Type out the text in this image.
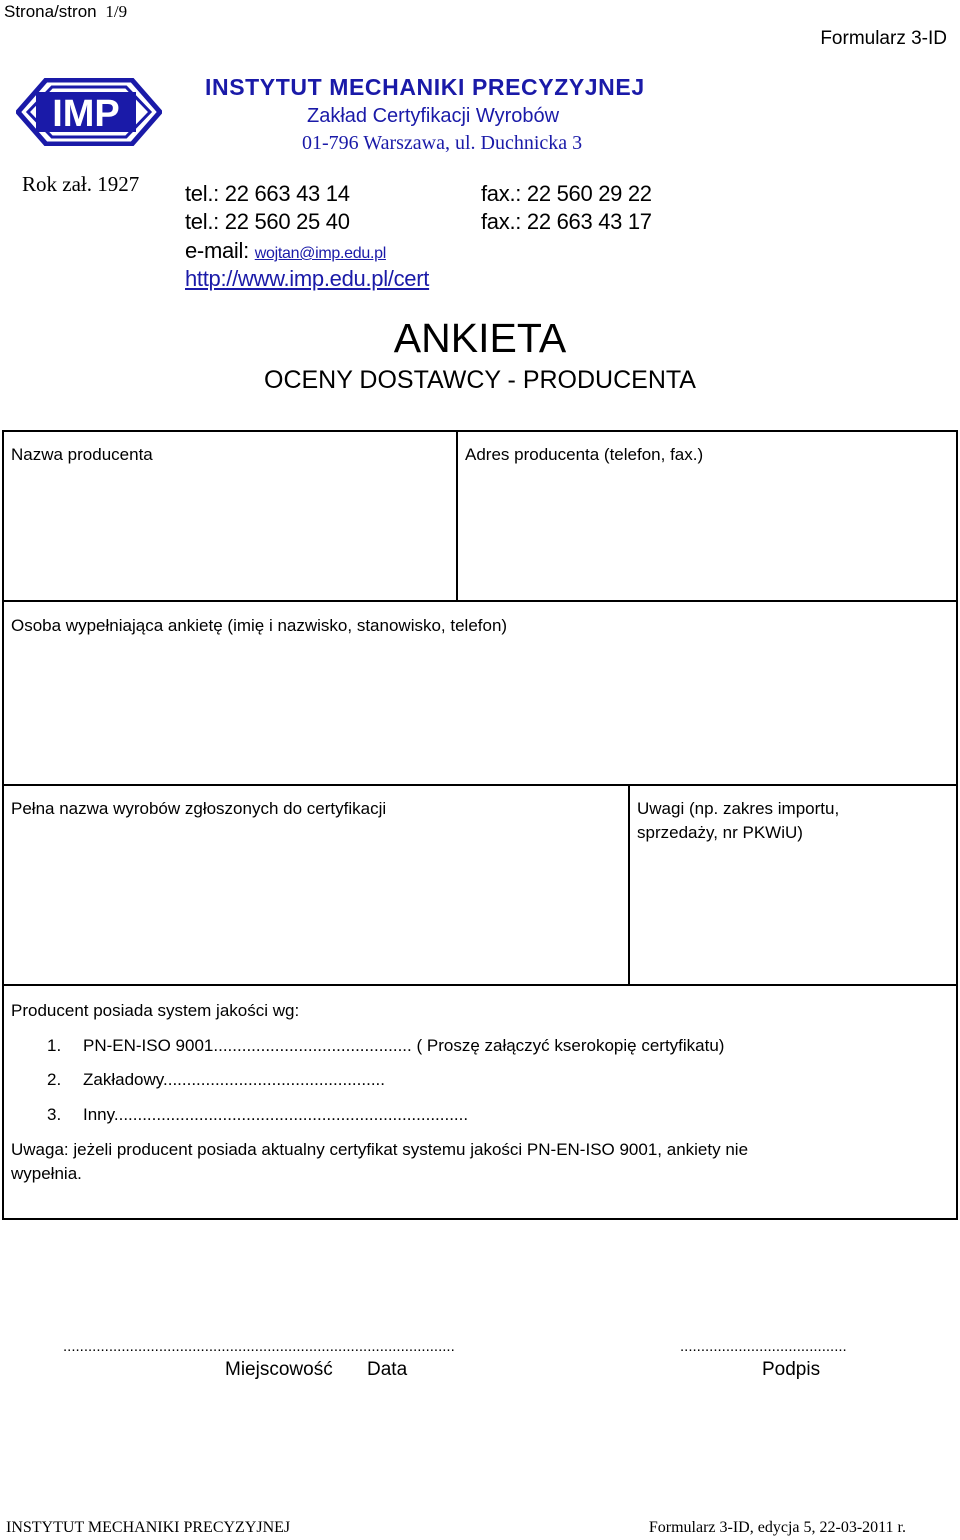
Strona/stron 1/9
Formularz 3-ID
IMP
INSTYTUT MECHANIKI PRECYZYJNEJ
Zakład Certyfikacji Wyrobów
01-796 Warszawa, ul. Duchnicka 3
Rok zał. 1927 tel.: 22 663 43 14
tel.: 22 560 25 40
fax.: 22 560 29 22
fax.: 22 663 43 17
e-mail: wojtan@imp.edu.pl
http://www.imp.edu.pl/cert
ANKIETA
OCENY DOSTAWCY - PRODUCENTA
Nazwa producenta	Adres producenta (telefon, fax.)
Osoba wypełniająca ankietę (imię i nazwisko, stanowisko, telefon)
Pełna nazwa wyrobów zgłoszonych do certyfikacji	Uwagi (np. zakres importu,
sprzedaży, nr PKWiU)
Producent posiada system jakości wg:
1. PN-EN-ISO 9001.......................................... ( Proszę załączyć kserokopię certyfikatu)
2. Zakładowy...............................................
3. Inny...........................................................................
Uwaga: jeżeli producent posiada aktualny certyfikat systemu jakości PN-EN-ISO 9001, ankiety nie
wypełnia.
..............................................................................................
Miejscowość Data
........................................
Podpis
INSTYTUT MECHANIKI PRECYZYJNEJ	Formularz 3-ID, edycja 5, 22-03-2011 r.
